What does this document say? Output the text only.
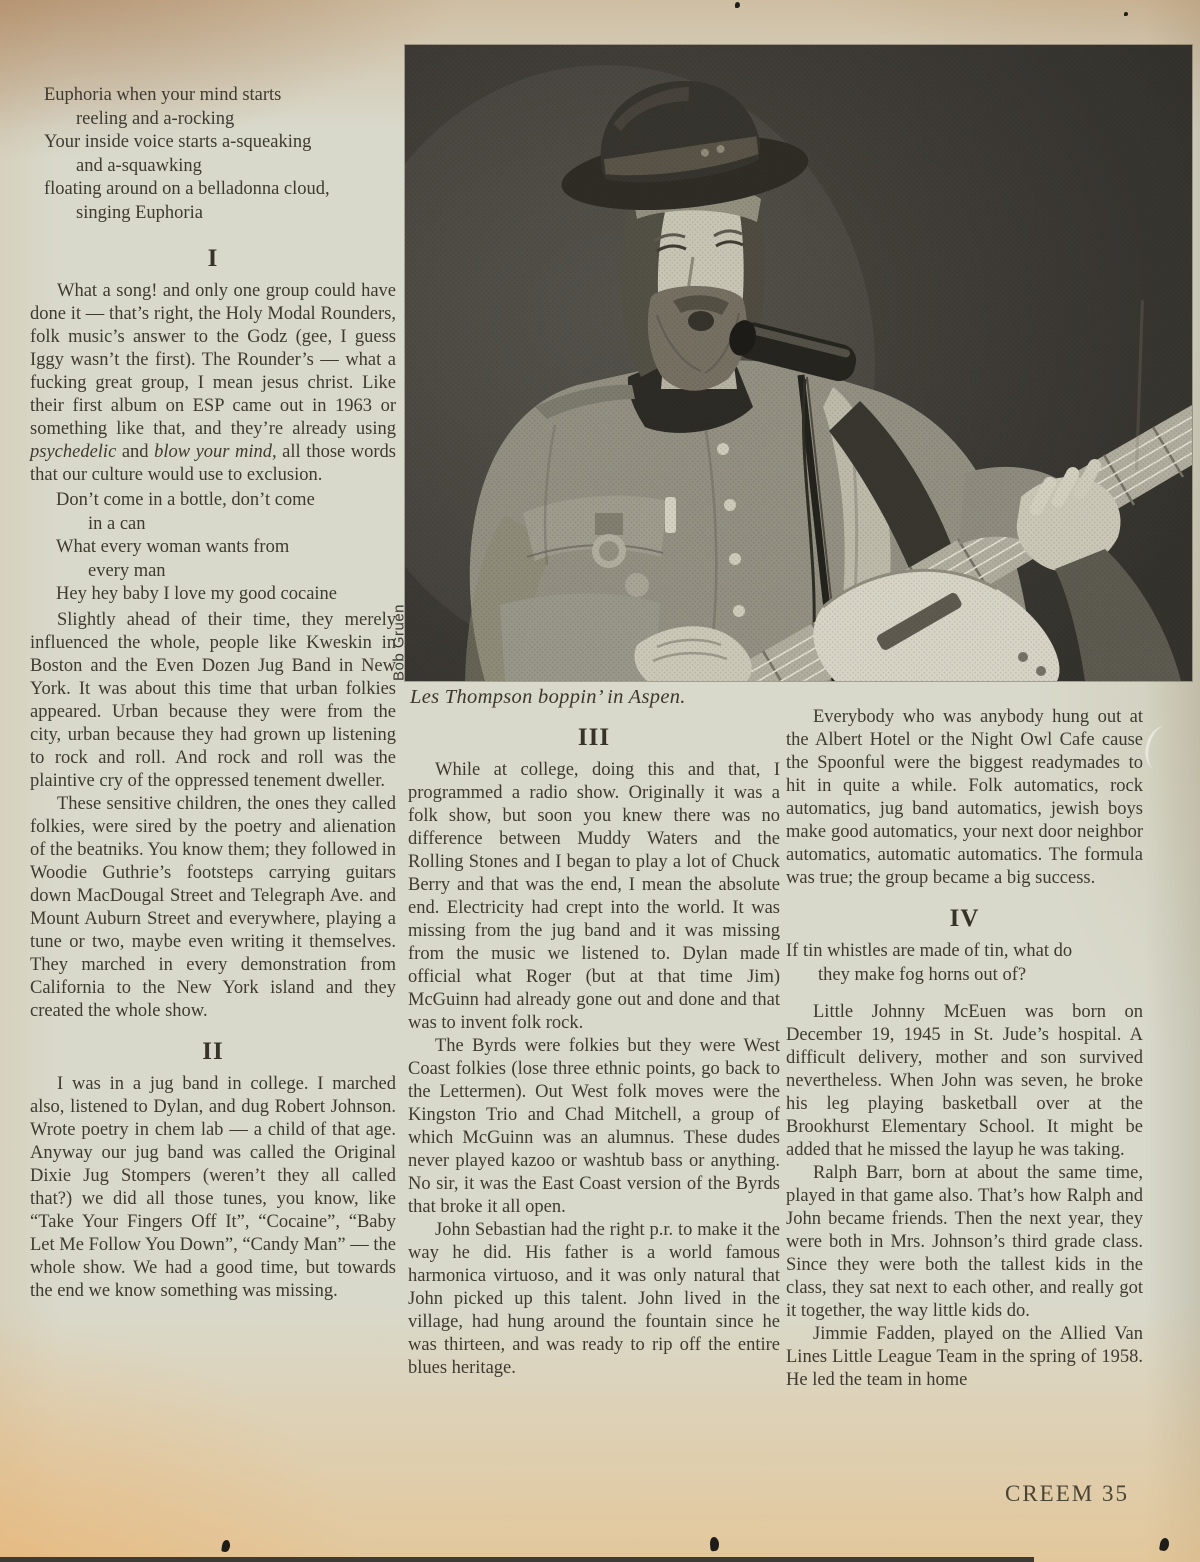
Euphoria when your mind starts
reeling and a-rocking
Your inside voice starts a-squeaking
and a-squawking
floating around on a belladonna cloud,
singing Euphoria
I

What a song! and only one group could have done it — that’s right, the Holy Modal Rounders, folk music’s answer to the Godz (gee, I guess Iggy wasn’t the first). The Rounder’s — what a fucking great group, I mean jesus christ. Like their first album on ESP came out in 1963 or something like that, and they’re already using psychedelic and blow your mind, all those words that our culture would use to exclusion.

Don’t come in a bottle, don’t come
in a can
What every woman wants from
every man
Hey hey baby I love my good cocaine

Slightly ahead of their time, they merely influenced the whole, people like Kweskin in Boston and the Even Dozen Jug Band in New York. It was about this time that urban folkies appeared. Urban because they were from the city, urban because they had grown up listening to rock and roll. And rock and roll was the plaintive cry of the oppressed tenement dweller.

These sensitive children, the ones they called folkies, were sired by the poetry and alienation of the beatniks. You know them; they followed in Woodie Guthrie’s footsteps carrying guitars down MacDougal Street and Telegraph Ave. and Mount Auburn Street and everywhere, playing a tune or two, maybe even writing it themselves. They marched in every demonstration from California to the New York island and they created the whole show.

II

I was in a jug band in college. I marched also, listened to Dylan, and dug Robert Johnson. Wrote poetry in chem lab — a child of that age. Anyway our jug band was called the Original Dixie Jug Stompers (weren’t they all called that?) we did all those tunes, you know, like “Take Your Fingers Off It”, “Cocaine”, “Baby Let Me Follow You Down”, “Candy Man” — the whole show. We had a good time, but towards the end we know something was missing.

Bob Gruen
Les Thompson boppin’ in Aspen.
III

While at college, doing this and that, I programmed a radio show. Originally it was a folk show, but soon you knew there was no difference between Muddy Waters and the Rolling Stones and I began to play a lot of Chuck Berry and that was the end, I mean the absolute end. Electricity had crept into the world. It was missing from the jug band and it was missing from the music we listened to. Dylan made official what Roger (but at that time Jim) McGuinn had already gone out and done and that was to invent folk rock.

The Byrds were folkies but they were West Coast folkies (lose three ethnic points, go back to the Lettermen). Out West folk moves were the Kingston Trio and Chad Mitchell, a group of which McGuinn was an alumnus. These dudes never played kazoo or washtub bass or anything. No sir, it was the East Coast version of the Byrds that broke it all open.

John Sebastian had the right p.r. to make it the way he did. His father is a world famous harmonica virtuoso, and it was only natural that John picked up this talent. John lived in the village, had hung around the fountain since he was thirteen, and was ready to rip off the entire blues heritage.

Everybody who was anybody hung out at the Albert Hotel or the Night Owl Cafe cause the Spoonful were the biggest readymades to hit in quite a while. Folk automatics, rock automatics, jug band automatics, jewish boys make good automatics, your next door neighbor automatics, automatic automatics. The formula was true; the group became a big success.

IV
If tin whistles are made of tin, what do
they make fog horns out of?

Little Johnny McEuen was born on December 19, 1945 in St. Jude’s hospital. A difficult delivery, mother and son survived nevertheless. When John was seven, he broke his leg playing basketball over at the Brookhurst Elementary School. It might be added that he missed the layup he was taking.

Ralph Barr, born at about the same time, played in that game also. That’s how Ralph and John became friends. Then the next year, they were both in Mrs. Johnson’s third grade class. Since they were both the tallest kids in the class, they sat next to each other, and really got it together, the way little kids do.

Jimmie Fadden, played on the Allied Van Lines Little League Team in the spring of 1958. He led the team in home

CREEM 35
